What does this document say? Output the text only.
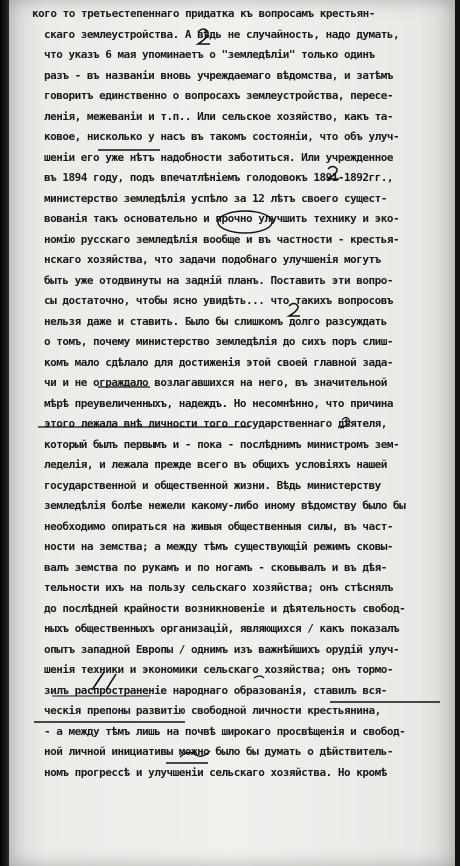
кого то третьестепеннаго придатка къ вопросамъ крестьян-
скаго землеустройства. А вѣдь не случайность, надо думать,
что указъ 6 мая упоминаетъ о "земледѣлiи" только одинъ
разъ - въ названiи вновь учреждаемаго вѣдомства, и затѣмъ
говоритъ единственно о вопросахъ землеустройства, пересе-
ленiя, межеванiи и т.п.. Или сельское хозяйство, какъ та-
ковое, нисколько у насъ въ такомъ состоянiи, что объ улуч-
шенiи его уже нѣтъ надобности заботиться. Или учрежденное
въ 1894 году, подъ впечатлѣнiемъ голодовокъ 1891-1892гг.,
министерство земледѣлiя успѣло за 12 лѣтъ своего сущест-
вованiя такъ основательно и прочно улучшить технику и эко-
номiю русскаго земледѣлiя вообще и въ частности - крестья-
нскаго хозяйства, что задачи подобнаго улучшенiя могутъ
быть уже отодвинуты на заднiй планъ. Поставить эти вопро-
сы достаточно, чтобы ясно увидѣть... что такихъ вопросовъ
нельзя даже и ставить. Было бы слишкомъ долго разсуждать
о томъ, почему министерство земледѣлiя до сихъ поръ слиш-
комъ мало сдѣлало для достиженiя этой своей главной зада-
чи и не ограждало возлагавшихся на него, въ значительной
мѣрѣ преувеличенныхъ, надеждъ. Но несомнѣнно, что причина
этого лежала внѣ личности того государственнаго дѣятеля,
который былъ первымъ и - пока - послѣднимъ министромъ зем-
леделiя, и лежала прежде всего въ общихъ условiяхъ нашей
государственной и общественной жизни. Вѣдь министерству
земледѣлiя болѣе нежели какому-либо иному вѣдомству было бы
необходимо опираться на живыя общественныя силы, въ част-
ности на земства; а между тѣмъ существующiй режимъ сковы-
валъ земства по рукамъ и по ногамъ - сковывалъ и въ дѣя-
тельности ихъ на пользу сельскаго хозяйства; онъ стѣснялъ
до послѣдней крайности возникновенiе и дѣятельность свобод-
ныхъ общественныхъ организацiй, являющихся / какъ показалъ
опытъ западной Европы / однимъ изъ важнѣйшихъ орудiй улуч-
шенiя техники и экономики сельскаго хозяйства; онъ тормо-
зилъ распространенiе народнаго образованiя, ставилъ вся-
ческiя препоны развитiю свободной личности крестьянина,
- а между тѣмъ лишь на почвѣ широкаго просвѣщенiя и свобод-
ной личной инициативы можно было бы думать о дѣйствитель-
номъ прогрессѣ и улучшенiи сельскаго хозяйства. Но кромѣ
